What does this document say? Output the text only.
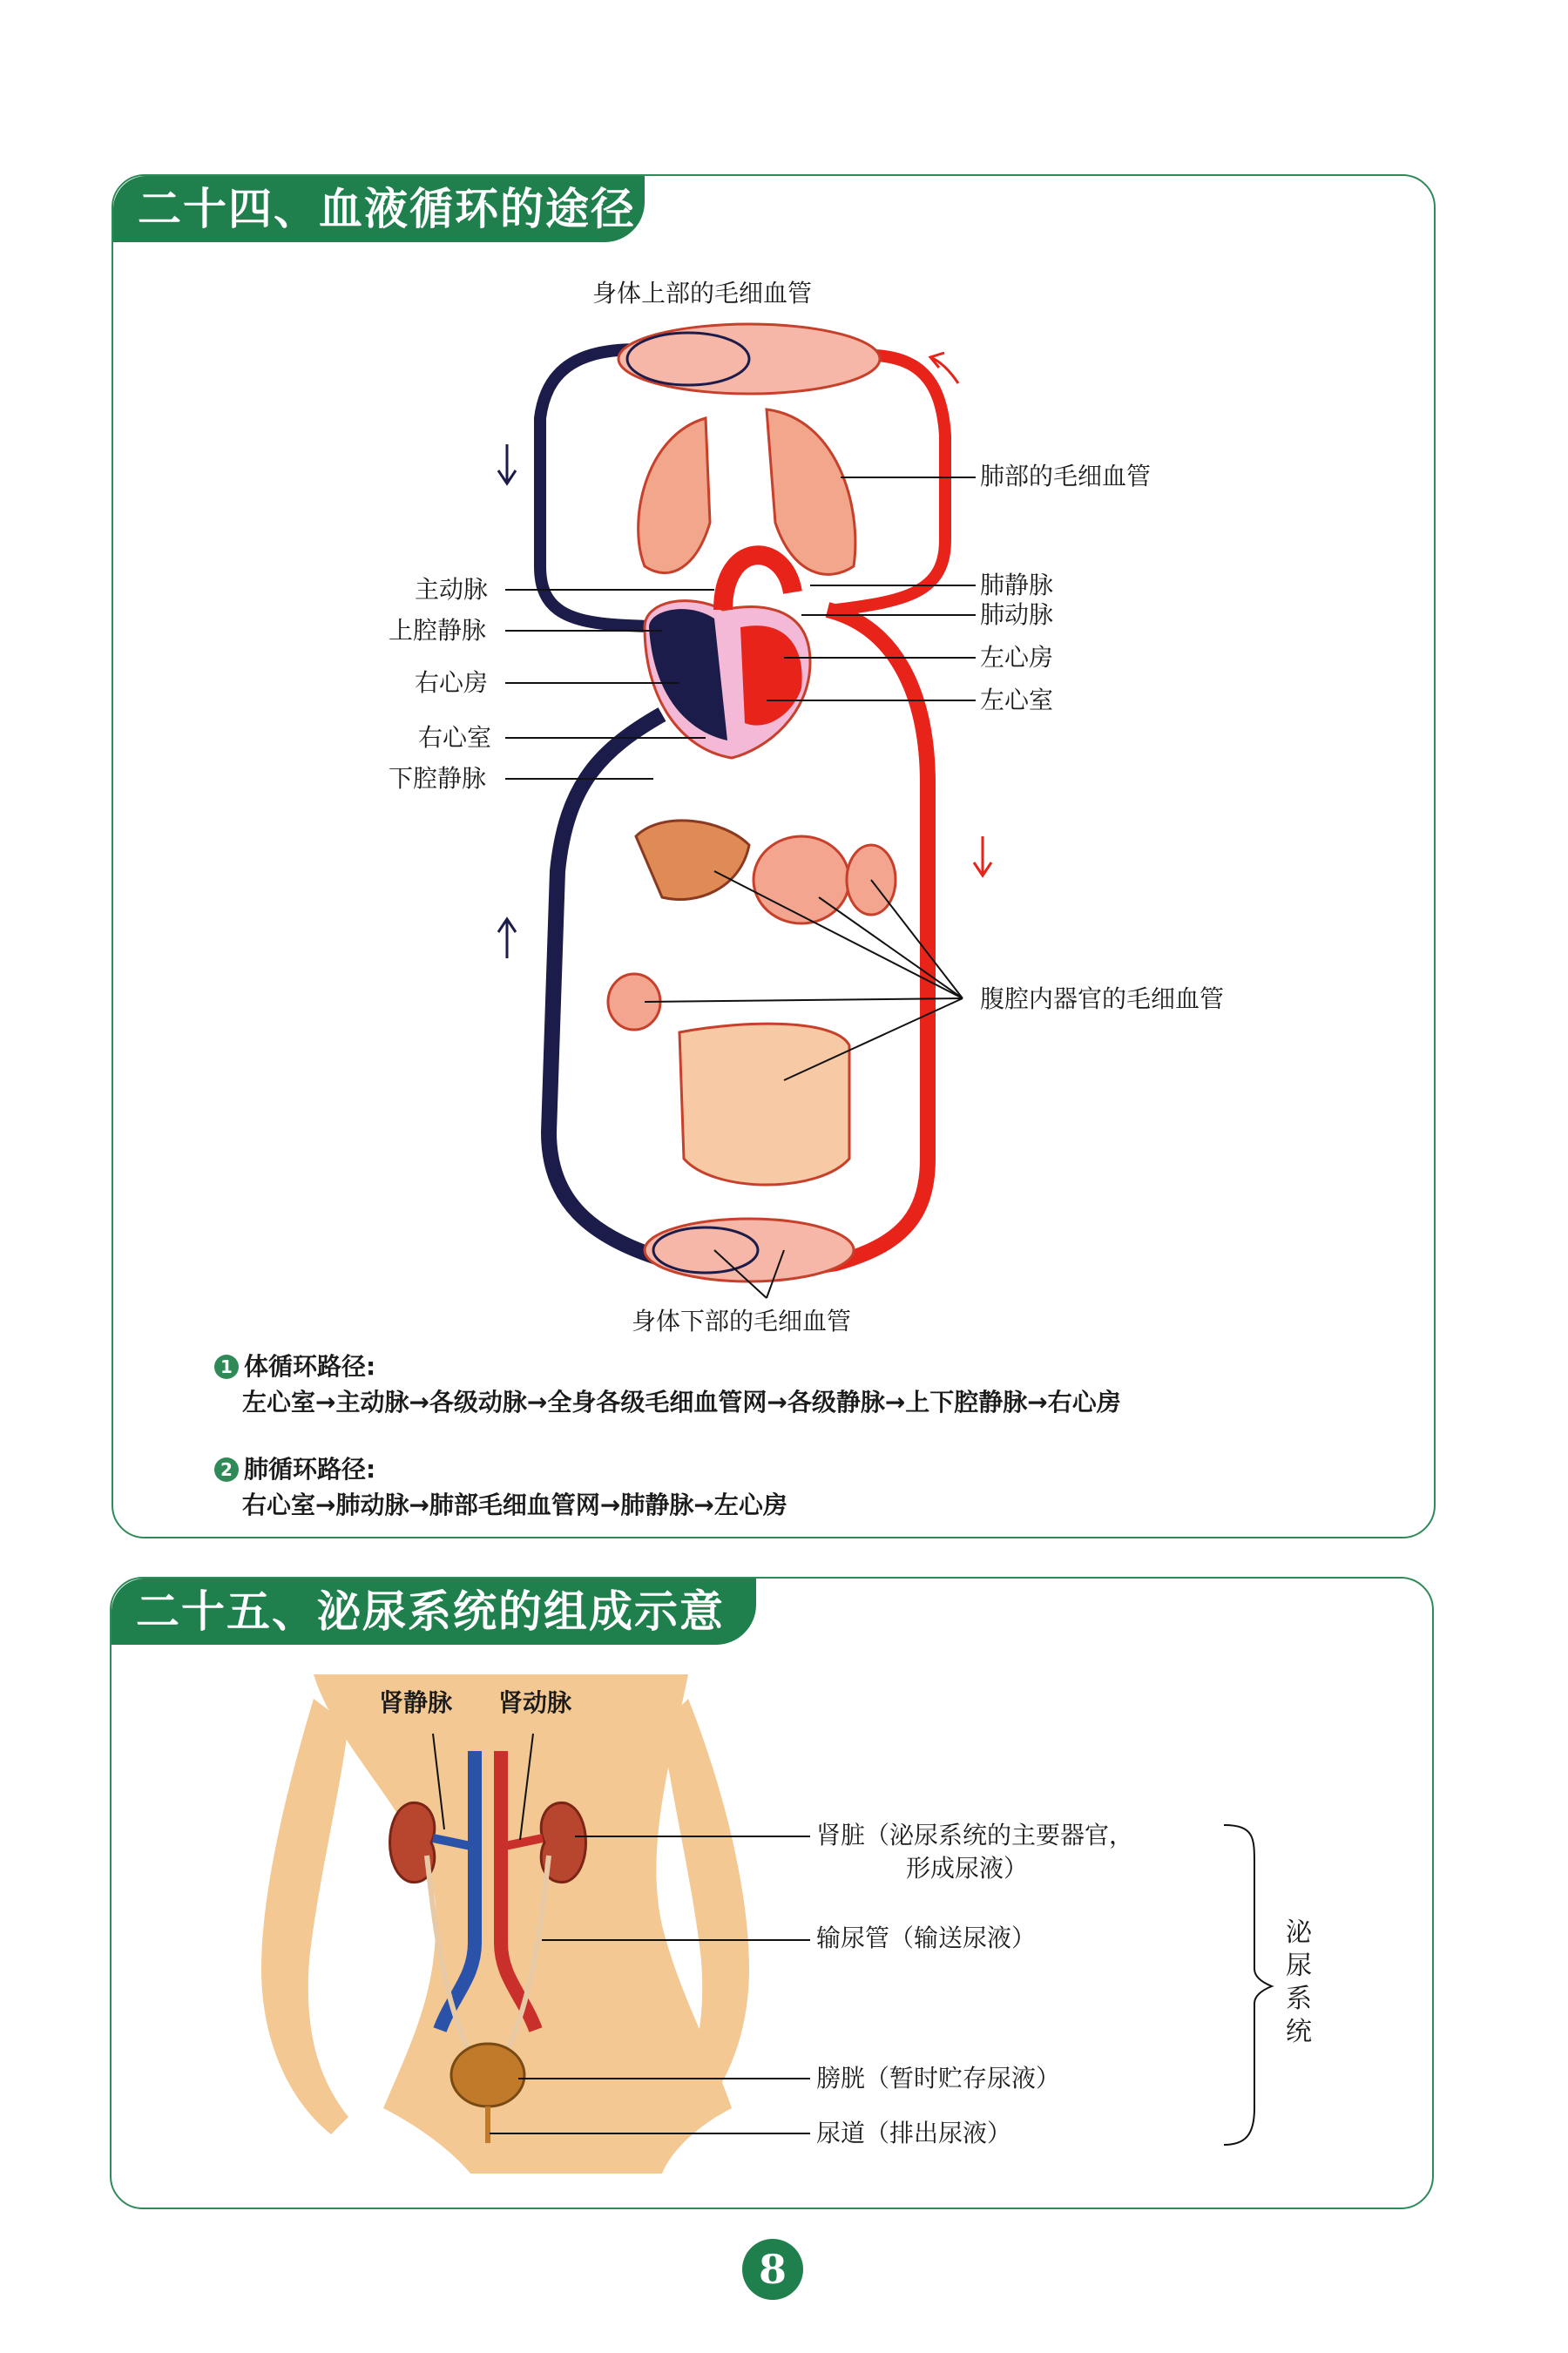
二十四、血液循环的途径
身体上部的毛细血管
肺部的毛细血管
主动脉
上腔静脉
右心房
右心室
下腔静脉
肺静脉
肺动脉
左心房
左心室
腹腔内器官的毛细血管
身体下部的毛细血管
1 体循环路径:
左心室→主动脉→各级动脉→全身各级毛细血管网→各级静脉→上下腔静脉→右心房
2 肺循环路径:
右心室→肺动脉→肺部毛细血管网→肺静脉→左心房
二十五、泌尿系统的组成示意图	肾静脉 肾动脉
肾脏（泌尿系统的主要器官，
形成尿液）
输尿管（输送尿液）
膀胱（暂时贮存尿液）
尿道（排出尿液）
泌
尿
系
统
8
